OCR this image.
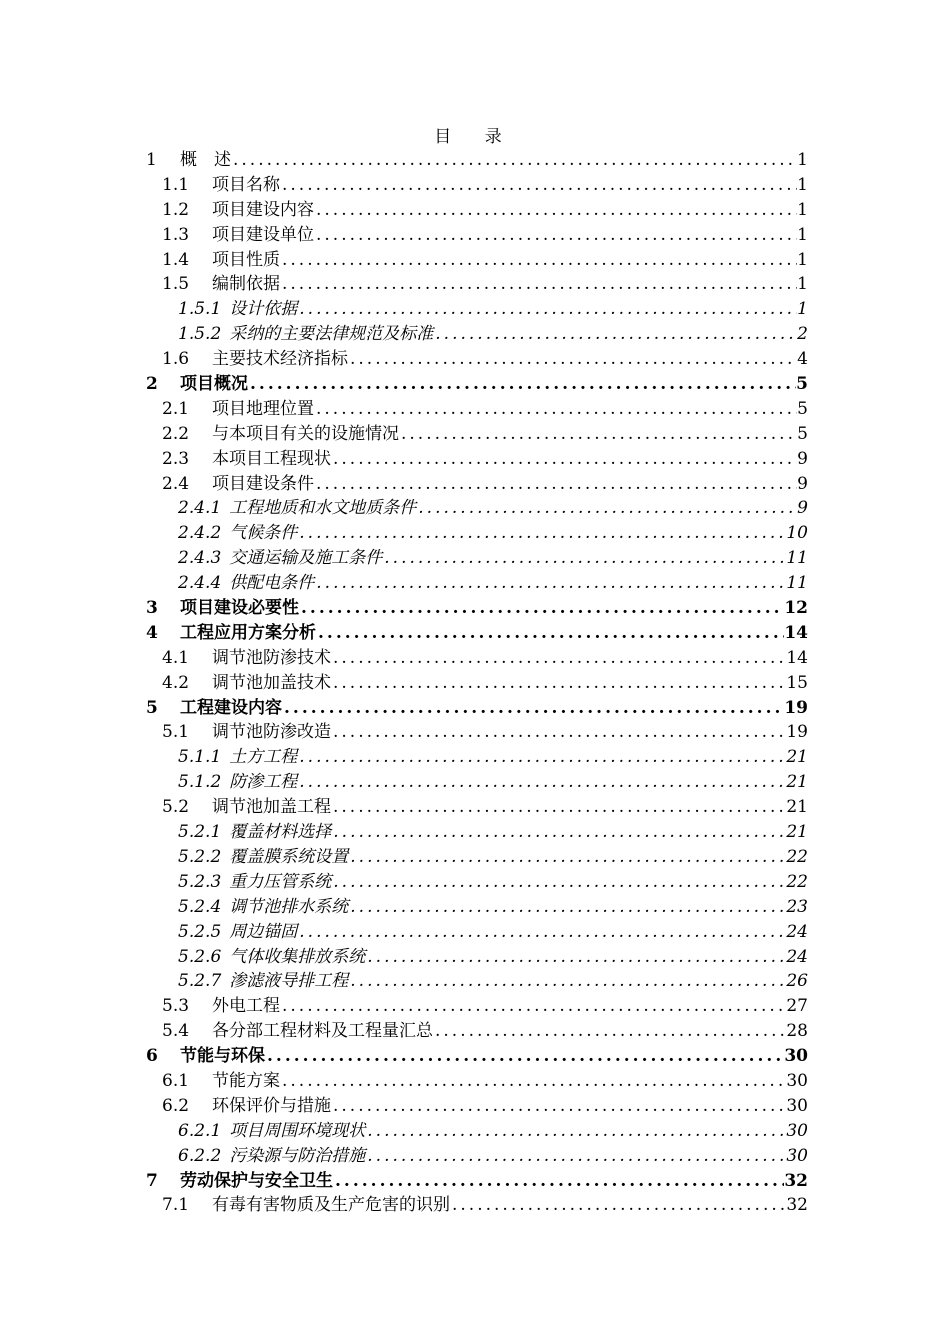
目 录
1	概　述 .....	1
1.1	项目名称 .....	1
1.2	项目建设内容 .....	1
1.3	项目建设单位 .....	1
1.4	项目性质 .....	1
1.5	编制依据 .....	1
1.5.1 设计依据 .....	1
1.5.2 采纳的主要法律规范及标准 .....	2
1.6	主要技术经济指标 .....	4
2	项目概况 .....	5
2.1	项目地理位置 .....	5
2.2	与本项目有关的设施情况 .....	5
2.3	本项目工程现状 .....	9
2.4	项目建设条件 .....	9
2.4.1 工程地质和水文地质条件 .....	9
2.4.2 气候条件 .....	10
2.4.3 交通运输及施工条件 .....	11
2.4.4 供配电条件 .....	11
3	项目建设必要性 .....	12
4	工程应用方案分析 .....	14
4.1	调节池防渗技术 .....	14
4.2	调节池加盖技术 .....	15
5	工程建设内容 .....	19
5.1	调节池防渗改造 .....	19
5.1.1 土方工程 .....	21
5.1.2 防渗工程 .....	21
5.2	调节池加盖工程 .....	21
5.2.1 覆盖材料选择 .....	21
5.2.2 覆盖膜系统设置 .....	22
5.2.3 重力压管系统 .....	22
5.2.4 调节池排水系统 .....	23
5.2.5 周边锚固 .....	24
5.2.6 气体收集排放系统 .....	24
5.2.7 渗滤液导排工程 .....	26
5.3	外电工程 .....	27
5.4	各分部工程材料及工程量汇总 .....	28
6	节能与环保 .....	30
6.1	节能方案 .....	30
6.2	环保评价与措施 .....	30
6.2.1 项目周围环境现状 .....	30
6.2.2 污染源与防治措施 .....	30
7	劳动保护与安全卫生 .....	32
7.1	有毒有害物质及生产危害的识别 .....	32
